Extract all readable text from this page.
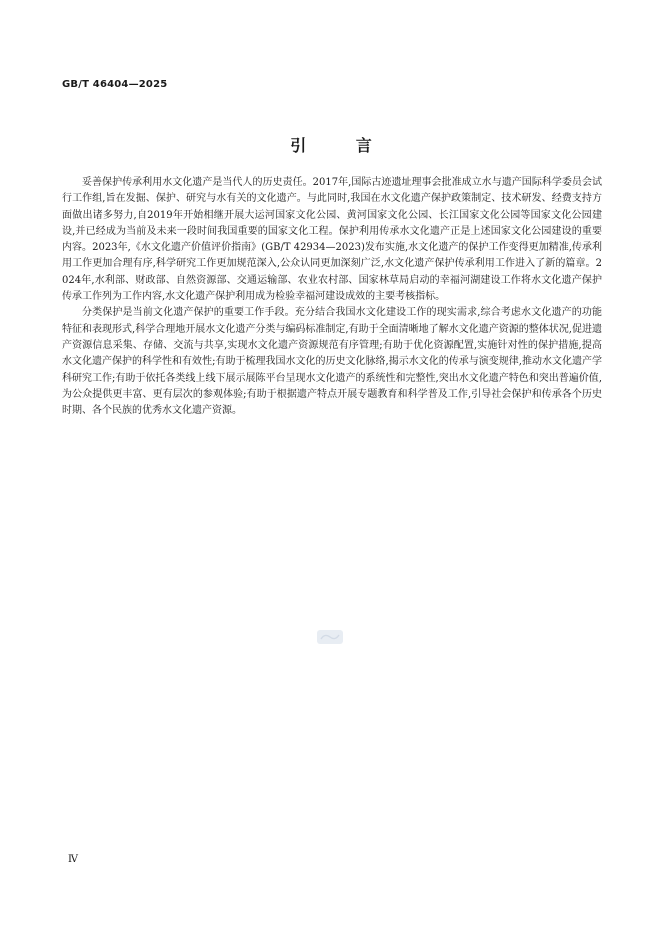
GB/T 46404—2025
引 言

妥善保护传承利用水文化遗产是当代人的历史责任。2017年,国际古迹遗址理事会批准成立水与遗产国际科学委员会试行工作组,旨在发掘、保护、研究与水有关的文化遗产。与此同时,我国在水文化遗产保护政策制定、技术研发、经费支持方面做出诸多努力,自2019年开始相继开展大运河国家文化公园、黄河国家文化公园、长江国家文化公园等国家文化公园建设,并已经成为当前及未来一段时间我国重要的国家文化工程。保护利用传承水文化遗产正是上述国家文化公园建设的重要内容。2023年,《水文化遗产价值评价指南》(GB/T 42934—2023)发布实施,水文化遗产的保护工作变得更加精准,传承利用工作更加合理有序,科学研究工作更加规范深入,公众认同更加深刻广泛,水文化遗产保护传承利用工作进入了新的篇章。2024年,水利部、财政部、自然资源部、交通运输部、农业农村部、国家林草局启动的幸福河湖建设工作将水文化遗产保护传承工作列为工作内容,水文化遗产保护利用成为检验幸福河建设成效的主要考核指标。

分类保护是当前文化遗产保护的重要工作手段。充分结合我国水文化建设工作的现实需求,综合考虑水文化遗产的功能特征和表现形式,科学合理地开展水文化遗产分类与编码标准制定,有助于全面清晰地了解水文化遗产资源的整体状况,促进遗产资源信息采集、存储、交流与共享,实现水文化遗产资源规范有序管理;有助于优化资源配置,实施针对性的保护措施,提高水文化遗产保护的科学性和有效性;有助于梳理我国水文化的历史文化脉络,揭示水文化的传承与演变规律,推动水文化遗产学科研究工作;有助于依托各类线上线下展示展陈平台呈现水文化遗产的系统性和完整性,突出水文化遗产特色和突出普遍价值,为公众提供更丰富、更有层次的参观体验;有助于根据遗产特点开展专题教育和科学普及工作,引导社会保护和传承各个历史时期、各个民族的优秀水文化遗产资源。

Ⅳ
